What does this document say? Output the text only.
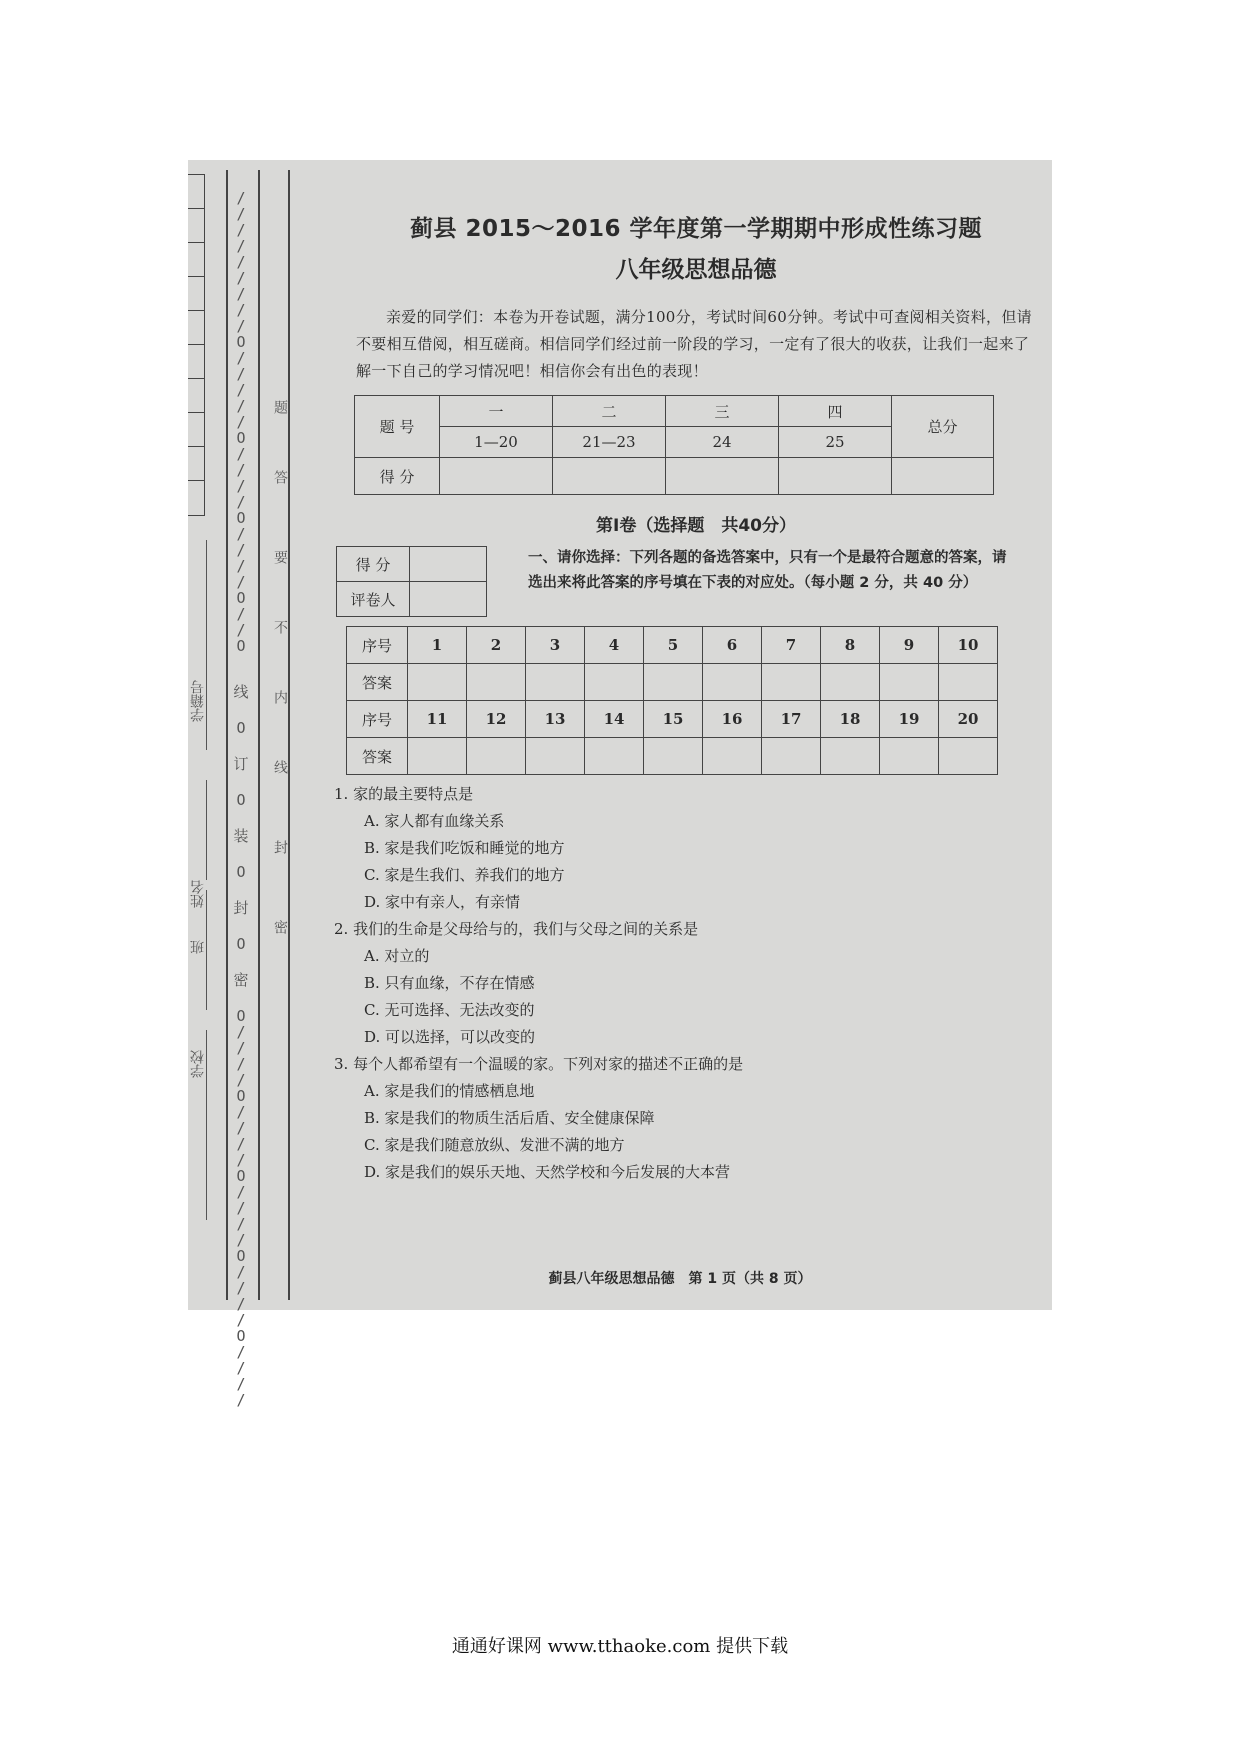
学籍号
姓名
班
学校
/
/
/
/
/
/
/
/
/
O
/
/
/
/
/
O
/
/
/
/
O
/
/
/
/
O
/
/
O
线
O
订
O
装
O
封
O
密
O
/
/
/
/
O
/
/
/
/
O
/
/
/
/
O
/
/
/
/
O
/
/
/
/
题
答
要
不
内
线
封
密
蓟县 2015～2016 学年度第一学期期中形成性练习题
八年级思想品德

亲爱的同学们：本卷为开卷试题，满分100分，考试时间60分钟。考试中可查阅相关资料，但请不要相互借阅，相互磋商。相信同学们经过前一阶段的学习，一定有了很大的收获，让我们一起来了解一下自己的学习情况吧！相信你会有出色的表现！

题 号	一	二	三	四	总分
	1—20	21—23	24	25	
得 分					
第Ⅰ卷（选择题　共40分）
得 分	
评卷人	
一、请你选择：下列各题的备选答案中，只有一个是最符合题意的答案，请选出来将此答案的序号填在下表的对应处。（每小题 2 分，共 40 分）
序号	1	2	3	4	5	6	7	8	9	10
答案										
序号	11	12	13	14	15	16	17	18	19	20
答案										
1. 家的最主要特点是
A. 家人都有血缘关系
B. 家是我们吃饭和睡觉的地方
C. 家是生我们、养我们的地方
D. 家中有亲人，有亲情
2. 我们的生命是父母给与的，我们与父母之间的关系是
A. 对立的
B. 只有血缘，不存在情感
C. 无可选择、无法改变的
D. 可以选择，可以改变的
3. 每个人都希望有一个温暖的家。下列对家的描述不正确的是
A. 家是我们的情感栖息地
B. 家是我们的物质生活后盾、安全健康保障
C. 家是我们随意放纵、发泄不满的地方
D. 家是我们的娱乐天地、天然学校和今后发展的大本营
蓟县八年级思想品德　第 1 页（共 8 页）
通通好课网 www.tthaoke.com 提供下载
